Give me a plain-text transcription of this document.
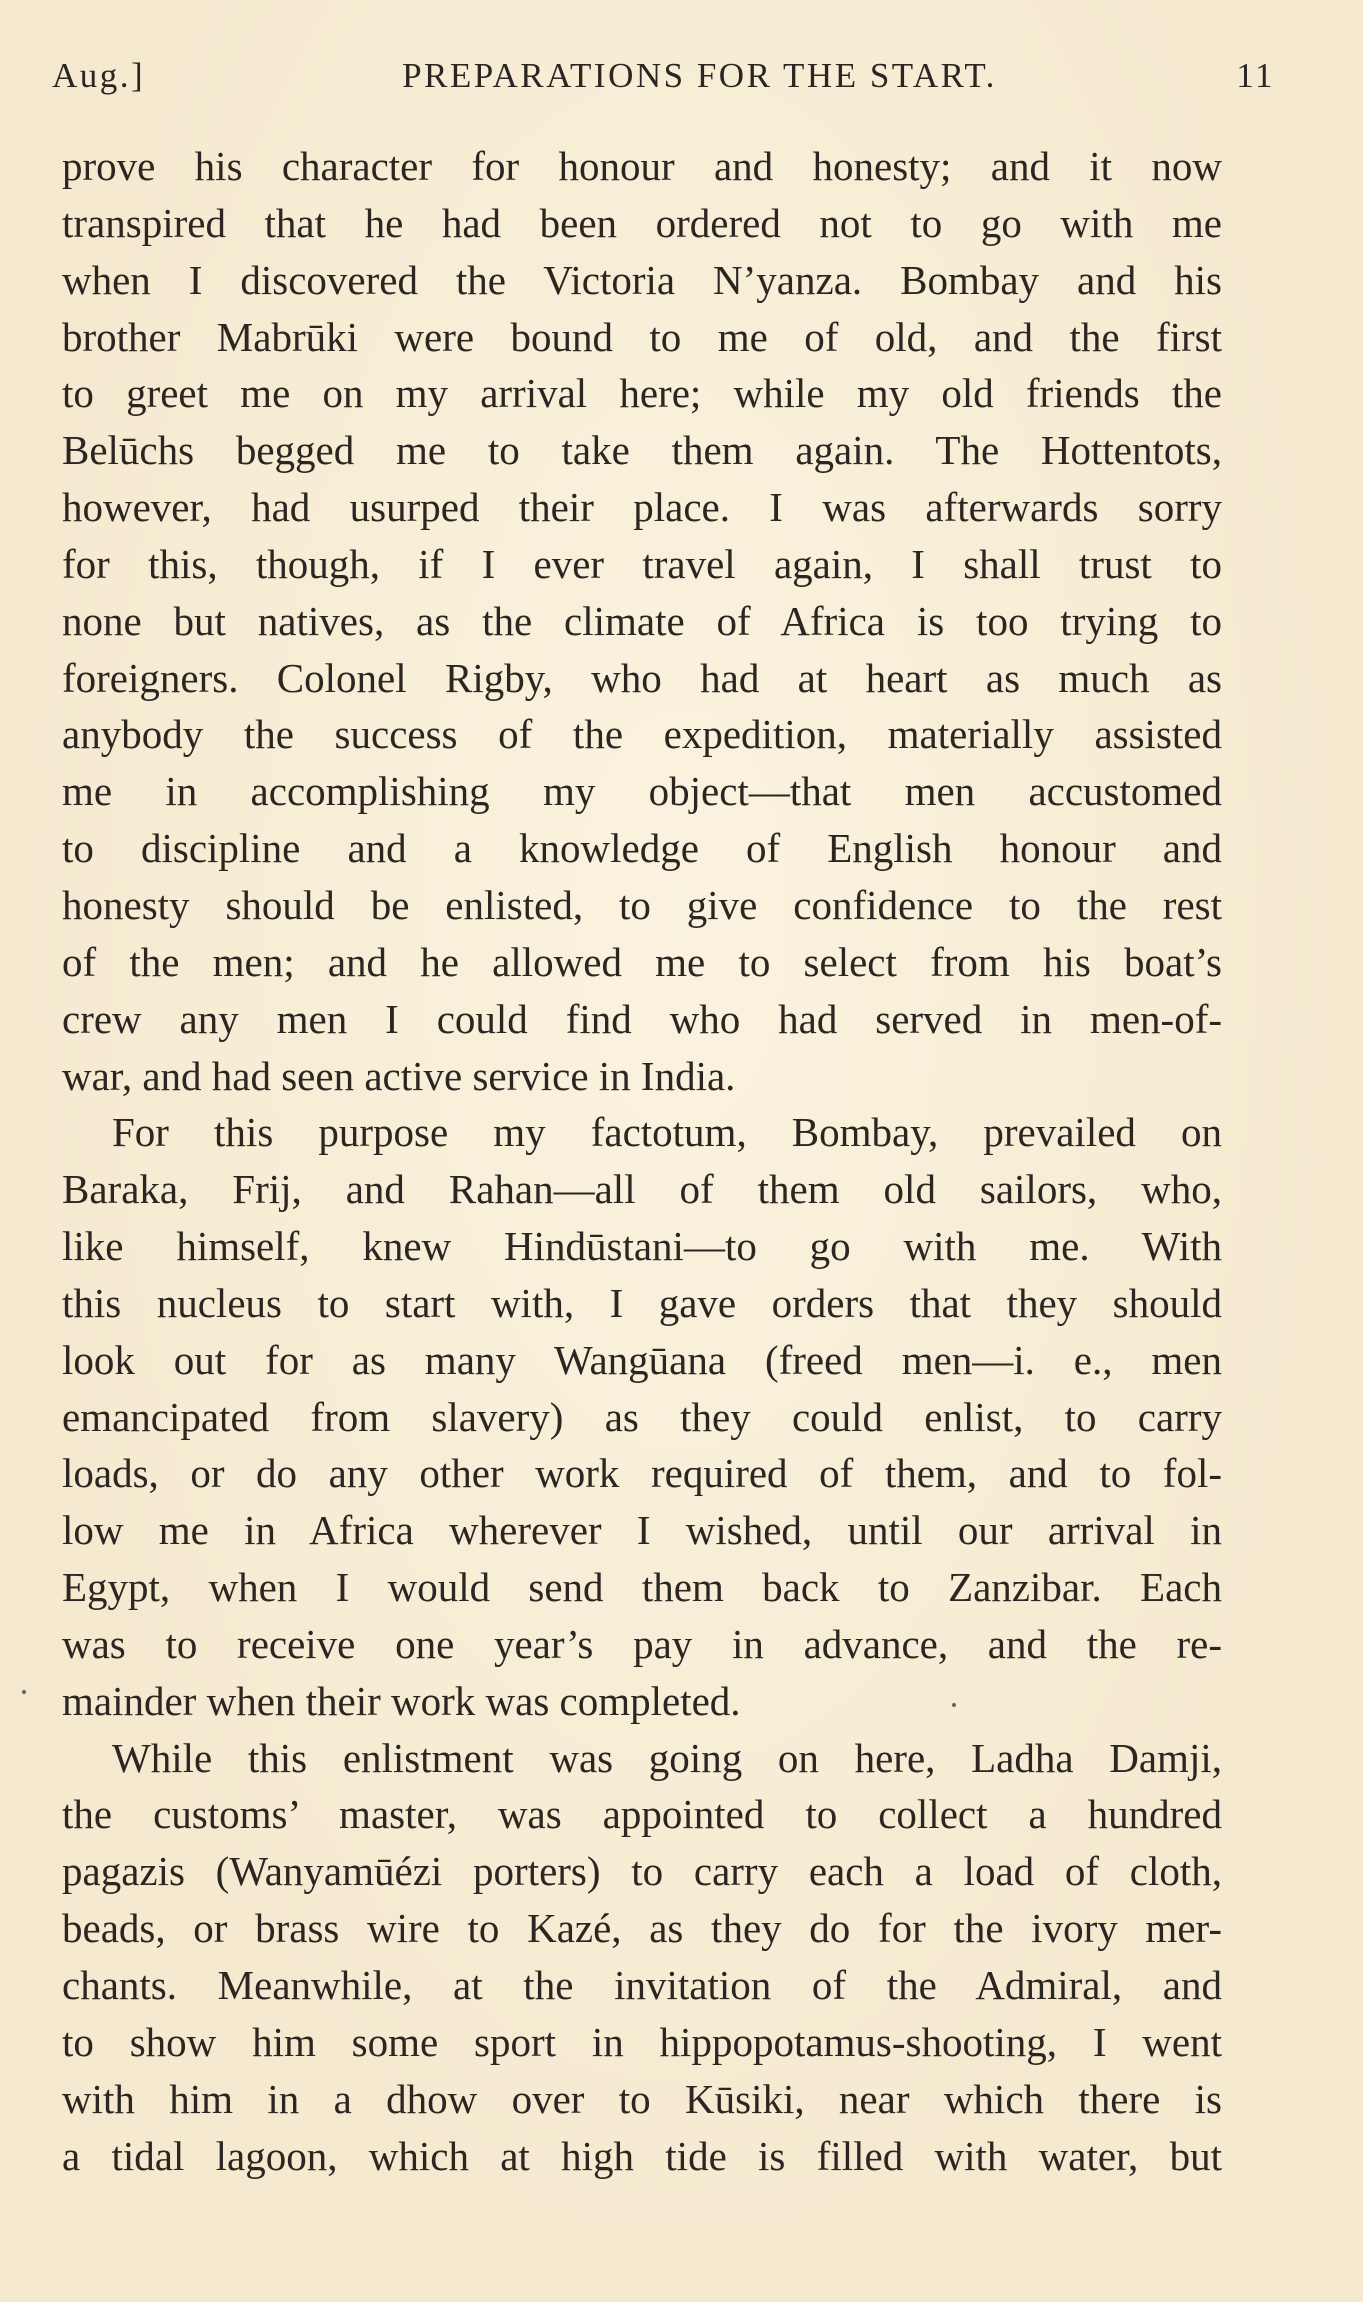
Aug.]	PREPARATIONS FOR THE START.	11
prove his character for honour and honesty; and it now
transpired that he had been ordered not to go with me
when I discovered the Victoria N’yanza. Bombay and his
brother Mabrūki were bound to me of old, and the first
to greet me on my arrival here; while my old friends the
Belūchs begged me to take them again. The Hottentots,
however, had usurped their place. I was afterwards sorry
for this, though, if I ever travel again, I shall trust to
none but natives, as the climate of Africa is too trying to
foreigners. Colonel Rigby, who had at heart as much as
anybody the success of the expedition, materially assisted
me in accomplishing my object—that men accustomed
to discipline and a knowledge of English honour and
honesty should be enlisted, to give confidence to the rest
of the men; and he allowed me to select from his boat’s
crew any men I could find who had served in men-of-
war, and had seen active service in India.
For this purpose my factotum, Bombay, prevailed on
Baraka, Frij, and Rahan—all of them old sailors, who,
like himself, knew Hindūstani—to go with me. With
this nucleus to start with, I gave orders that they should
look out for as many Wangūana (freed men—i. e., men
emancipated from slavery) as they could enlist, to carry
loads, or do any other work required of them, and to fol-
low me in Africa wherever I wished, until our arrival in
Egypt, when I would send them back to Zanzibar. Each
was to receive one year’s pay in advance, and the re-
mainder when their work was completed.
While this enlistment was going on here, Ladha Damji,
the customs’ master, was appointed to collect a hundred
pagazis (Wanyamūézi porters) to carry each a load of cloth,
beads, or brass wire to Kazé, as they do for the ivory mer-
chants. Meanwhile, at the invitation of the Admiral, and
to show him some sport in hippopotamus-shooting, I went
with him in a dhow over to Kūsiki, near which there is
a tidal lagoon, which at high tide is filled with water, but
